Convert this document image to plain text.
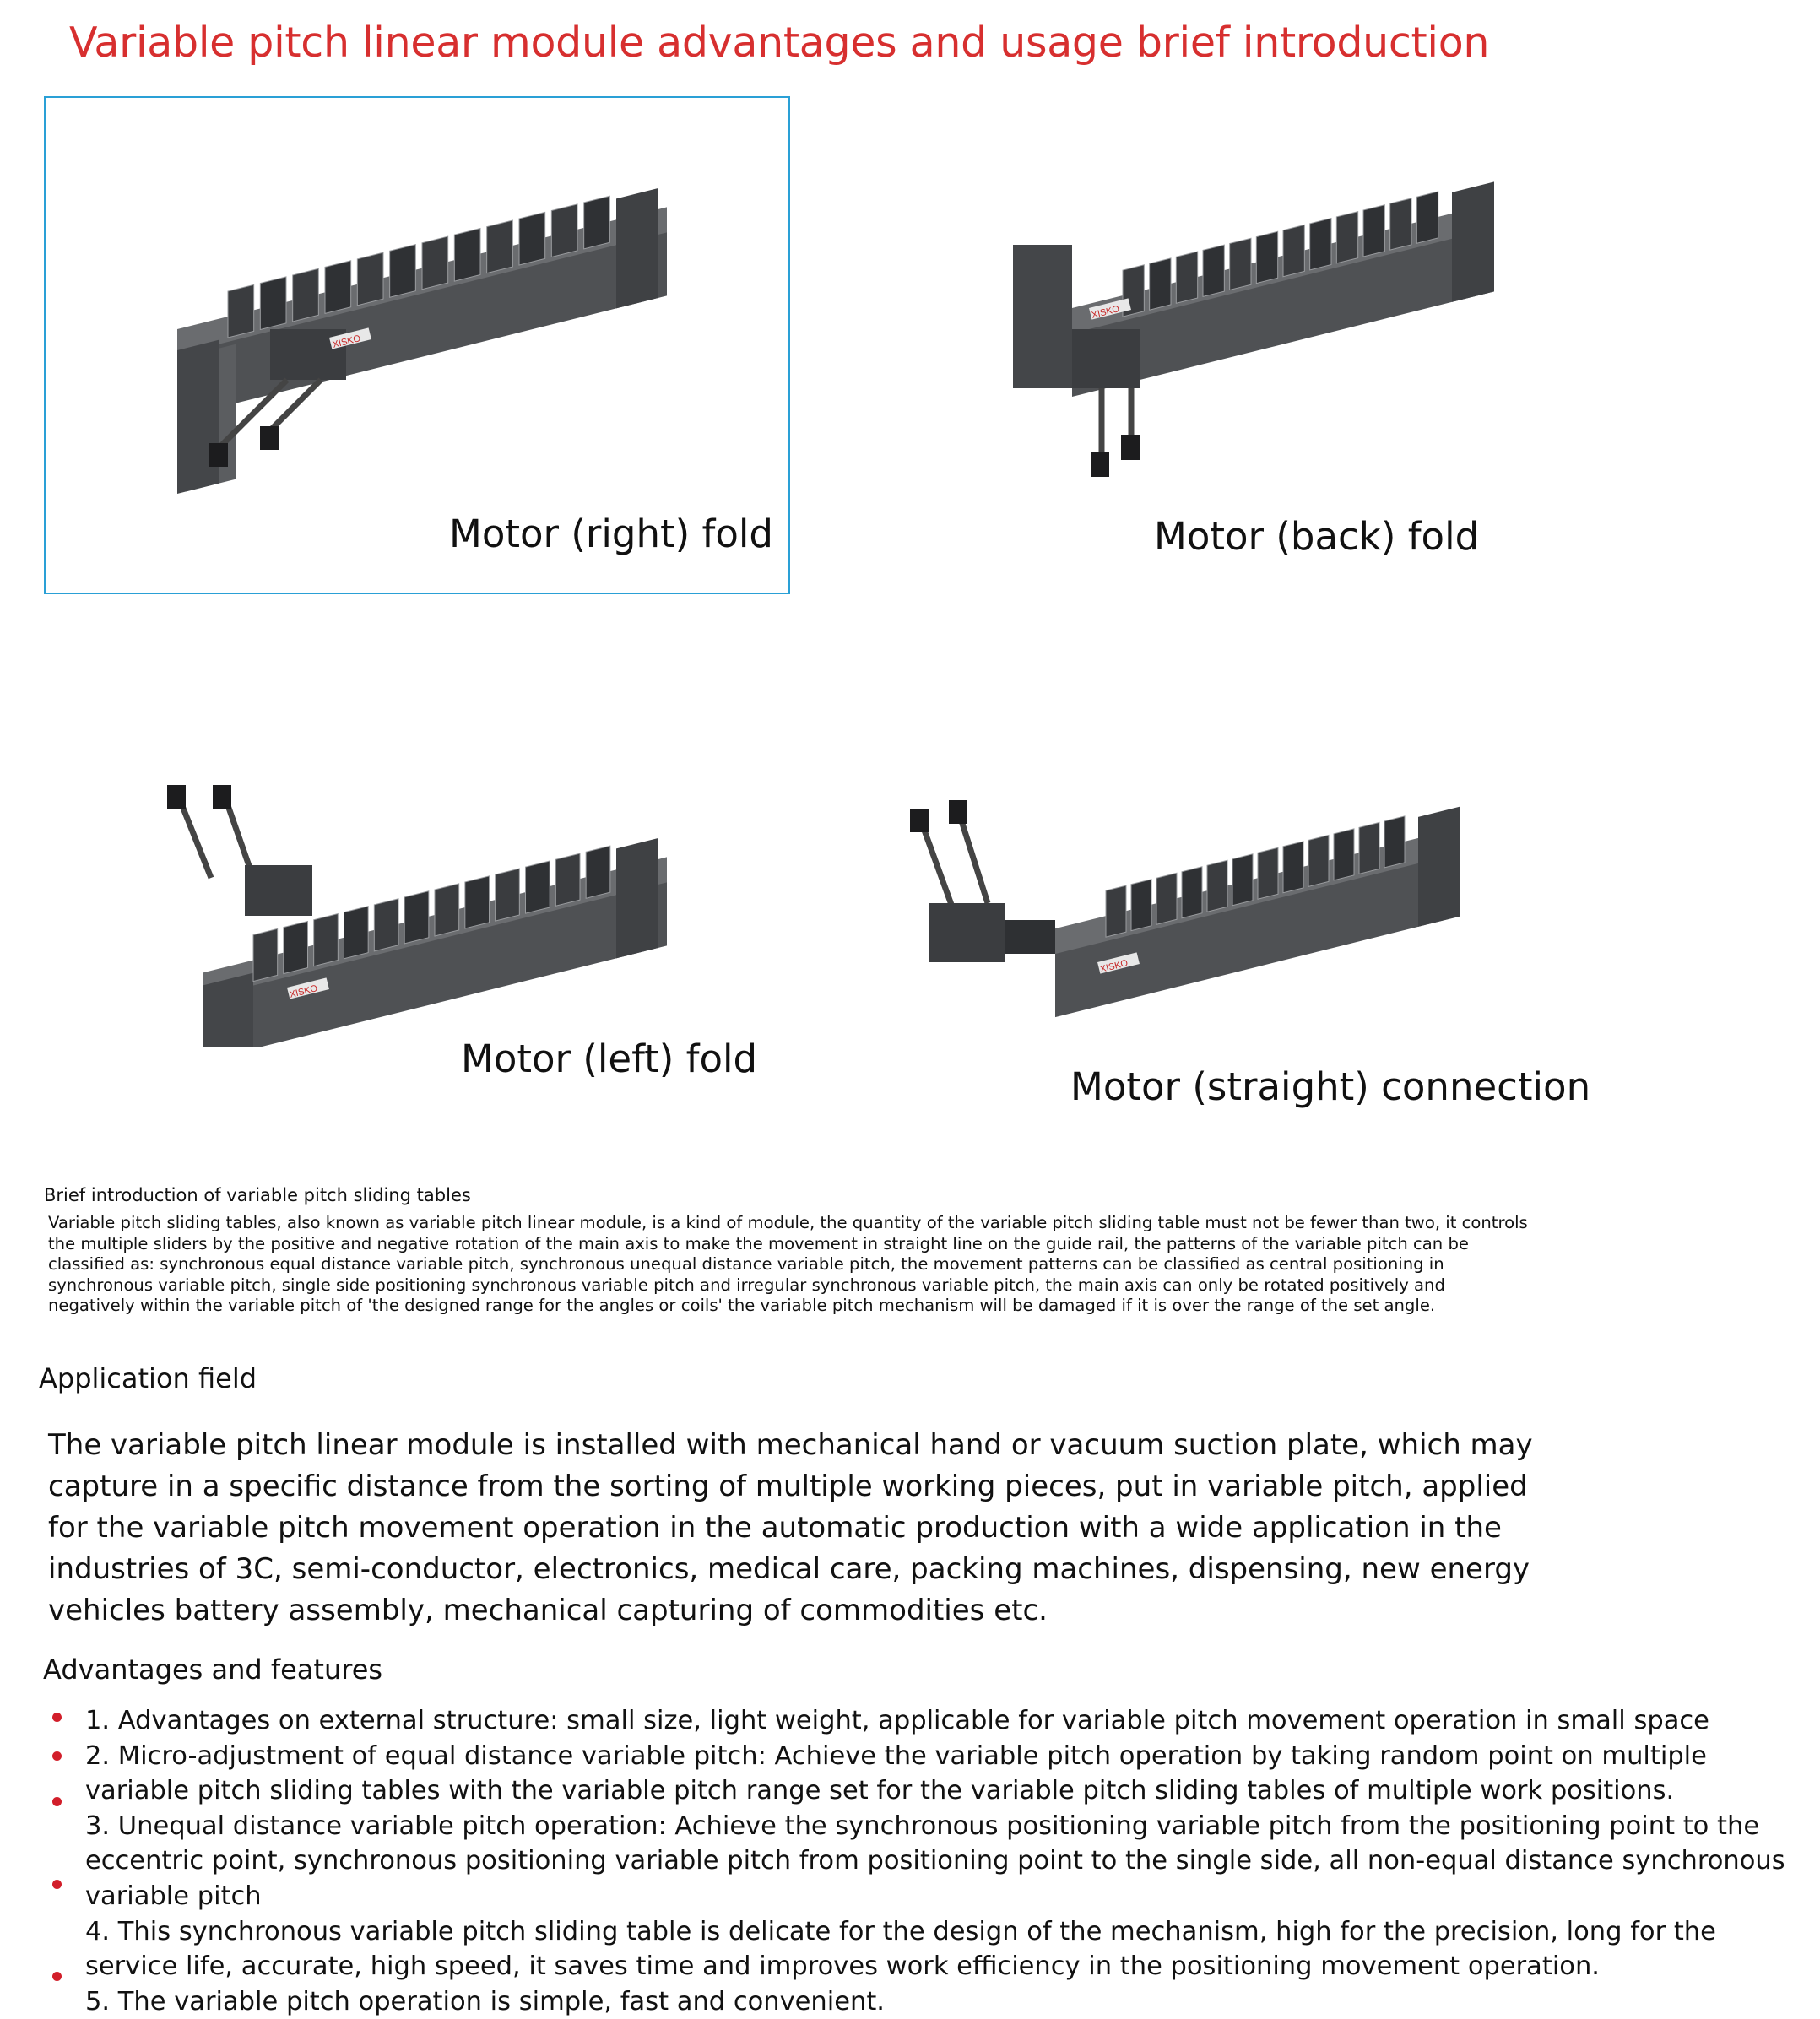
Variable pitch linear module advantages and usage brief introduction
XISKO
Motor (right) fold
XISKO
Motor (back) fold
XISKO
Motor (left) fold
XISKO
Motor (straight) connection
Brief introduction of variable pitch sliding tables
Variable pitch sliding tables, also known as variable pitch linear module, is a kind of module, the quantity of the variable pitch sliding table must not be fewer than two, it controls the multiple sliders by the positive and negative rotation of the main axis to make the movement in straight line on the guide rail, the patterns of the variable pitch can be classified as: synchronous equal distance variable pitch, synchronous unequal distance variable pitch, the movement patterns can be classified as central positioning in synchronous variable pitch, single side positioning synchronous variable pitch and irregular synchronous variable pitch, the main axis can only be rotated positively and negatively within the variable pitch of 'the designed range for the angles or coils' the variable pitch mechanism will be damaged if it is over the range of the set angle.
Application field
The variable pitch linear module is installed with mechanical hand or vacuum suction plate, which may capture in a specific distance from the sorting of multiple working pieces, put in variable pitch, applied for the variable pitch movement operation in the automatic production with a wide application in the industries of 3C, semi-conductor, electronics, medical care, packing machines, dispensing, new energy vehicles battery assembly, mechanical capturing of commodities etc.
Advantages and features

1. Advantages on external structure: small size, light weight, applicable for variable pitch movement operation in small space

2. Micro-adjustment of equal distance variable pitch: Achieve the variable pitch operation by taking random point on multiple variable pitch sliding tables with the variable pitch range set for the variable pitch sliding tables of multiple work positions.

3. Unequal distance variable pitch operation: Achieve the synchronous positioning variable pitch from the positioning point to the eccentric point, synchronous positioning variable pitch from positioning point to the single side, all non-equal distance synchronous variable pitch

4. This synchronous variable pitch sliding table is delicate for the design of the mechanism, high for the precision, long for the service life, accurate, high speed, it saves time and improves work efficiency in the positioning movement operation.

5. The variable pitch operation is simple, fast and convenient.
